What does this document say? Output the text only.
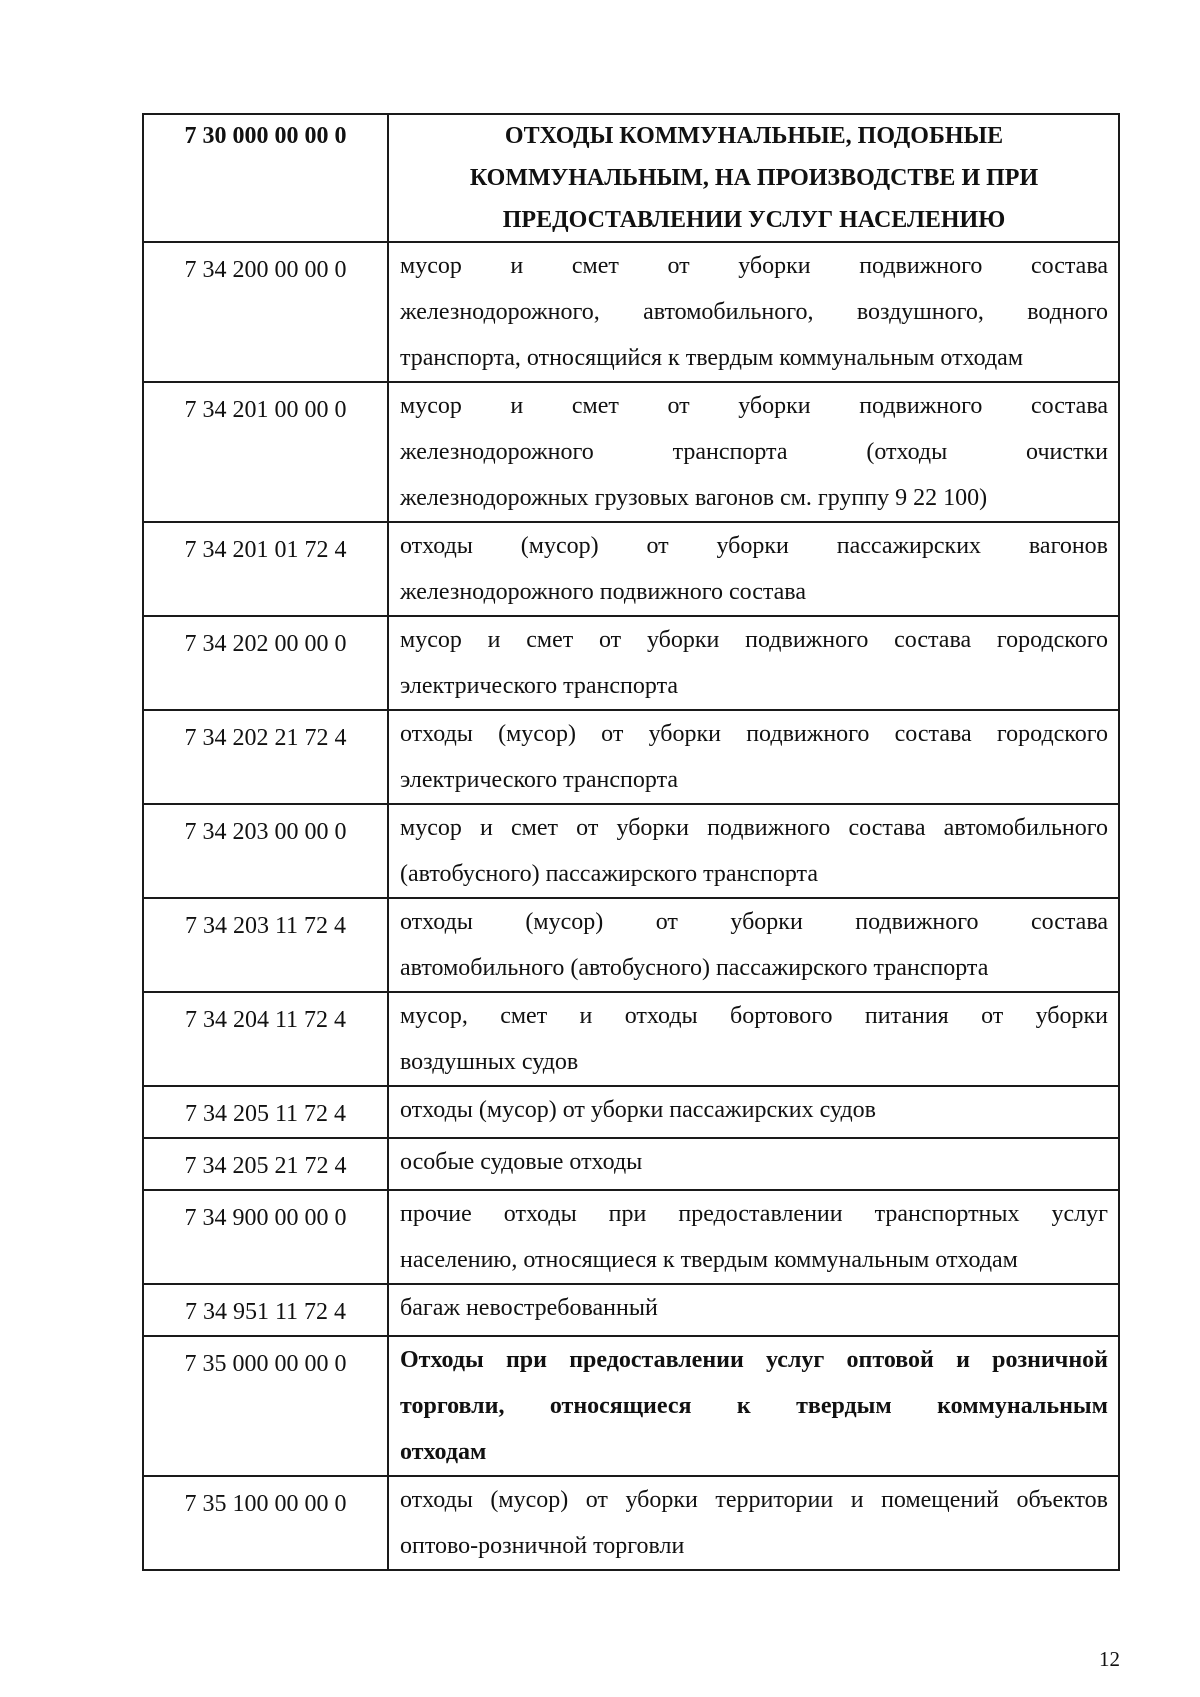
7 30 000 00 00 0	ОТХОДЫ КОММУНАЛЬНЫЕ, ПОДОБНЫЕ
КОММУНАЛЬНЫМ, НА ПРОИЗВОДСТВЕ И ПРИ
ПРЕДОСТАВЛЕНИИ УСЛУГ НАСЕЛЕНИЮ

7 34 200 00 00 0	мусор и смет от уборки подвижного состава
железнодорожного, автомобильного, воздушного, водного
транспорта, относящийся к твердым коммунальным отходам

7 34 201 00 00 0	мусор и смет от уборки подвижного состава
железнодорожного транспорта (отходы очистки
железнодорожных грузовых вагонов см. группу 9 22 100)

7 34 201 01 72 4	отходы (мусор) от уборки пассажирских вагонов
железнодорожного подвижного состава

7 34 202 00 00 0	мусор и смет от уборки подвижного состава городского
электрического транспорта

7 34 202 21 72 4	отходы (мусор) от уборки подвижного состава городского
электрического транспорта

7 34 203 00 00 0	мусор и смет от уборки подвижного состава автомобильного
(автобусного) пассажирского транспорта

7 34 203 11 72 4	отходы (мусор) от уборки подвижного состава
автомобильного (автобусного) пассажирского транспорта

7 34 204 11 72 4	мусор, смет и отходы бортового питания от уборки
воздушных судов

7 34 205 11 72 4	отходы (мусор) от уборки пассажирских судов

7 34 205 21 72 4	особые судовые отходы

7 34 900 00 00 0	прочие отходы при предоставлении транспортных услуг
населению, относящиеся к твердым коммунальным отходам

7 34 951 11 72 4	багаж невостребованный

7 35 000 00 00 0	Отходы при предоставлении услуг оптовой и розничной
торговли, относящиеся к твердым коммунальным
отходам

7 35 100 00 00 0	отходы (мусор) от уборки территории и помещений объектов
оптово-розничной торговли
12
